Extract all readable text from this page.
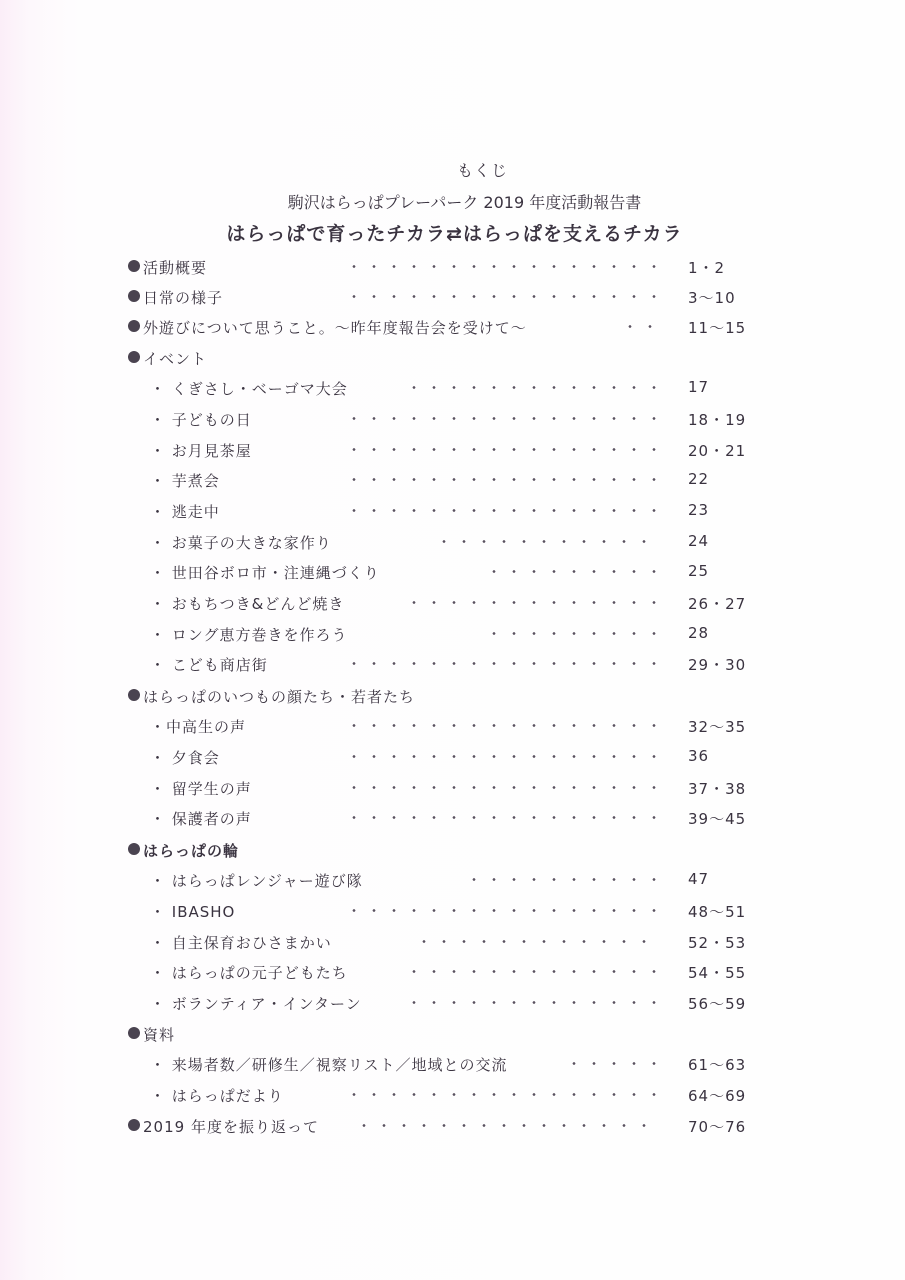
もくじ
駒沢はらっぱプレーパーク 2019 年度活動報告書
はらっぱで育ったチカラ⇄はらっぱを支えるチカラ
活動概要	1・2
日常の様子	3～10
外遊びについて思うこと。～昨年度報告会を受けて～	11～15
イベント
・ くぎさし・ベーゴマ大会	17
・ 子どもの日	18・19
・ お月見茶屋	20・21
・ 芋煮会	22
・ 逃走中	23
・ お菓子の大きな家作り	24
・ 世田谷ボロ市・注連縄づくり	25
・ おもちつき&どんど焼き	26・27
・ ロング恵方巻きを作ろう	28
・ こども商店街	29・30
はらっぱのいつもの顔たち・若者たち
・中高生の声	32～35
・ 夕食会	36
・ 留学生の声	37・38
・ 保護者の声	39～45
はらっぱの輪
・ はらっぱレンジャー遊び隊	47
・ IBASHO	48～51
・ 自主保育おひさまかい	52・53
・ はらっぱの元子どもたち	54・55
・ ボランティア・インターン	56～59
資料
・ 来場者数／研修生／視察リスト／地域との交流	61～63
・ はらっぱだより	64～69
2019 年度を振り返って	70～76
